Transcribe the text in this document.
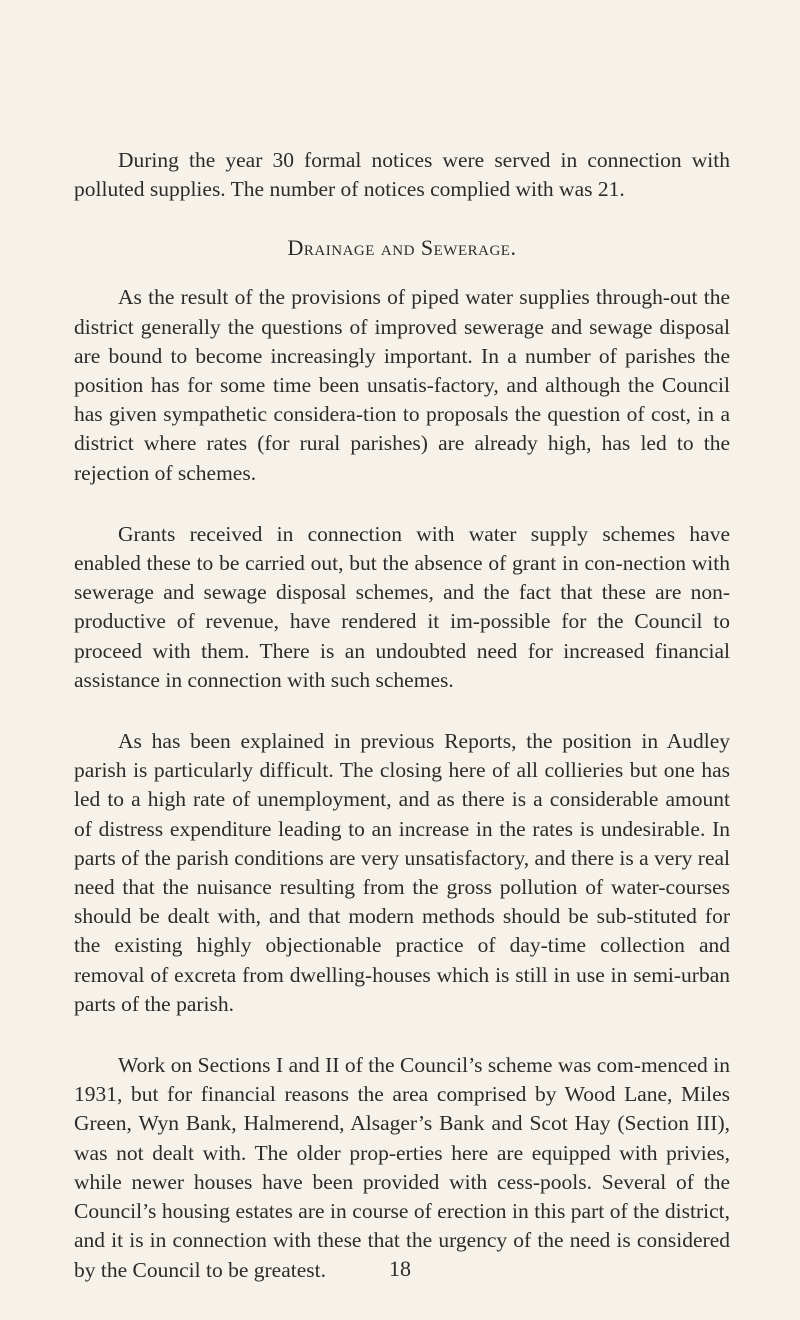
During the year 30 formal notices were served in connection with polluted supplies. The number of notices complied with was 21.

Drainage and Sewerage.

As the result of the provisions of piped water supplies through-out the district generally the questions of improved sewerage and sewage disposal are bound to become increasingly important. In a number of parishes the position has for some time been unsatis-factory, and although the Council has given sympathetic considera-tion to proposals the question of cost, in a district where rates (for rural parishes) are already high, has led to the rejection of schemes.

Grants received in connection with water supply schemes have enabled these to be carried out, but the absence of grant in con-nection with sewerage and sewage disposal schemes, and the fact that these are non-productive of revenue, have rendered it im-possible for the Council to proceed with them. There is an undoubted need for increased financial assistance in connection with such schemes.

As has been explained in previous Reports, the position in Audley parish is particularly difficult. The closing here of all collieries but one has led to a high rate of unemployment, and as there is a considerable amount of distress expenditure leading to an increase in the rates is undesirable. In parts of the parish conditions are very unsatisfactory, and there is a very real need that the nuisance resulting from the gross pollution of water-courses should be dealt with, and that modern methods should be sub-stituted for the existing highly objectionable practice of day-time collection and removal of excreta from dwelling-houses which is still in use in semi-urban parts of the parish.

Work on Sections I and II of the Council’s scheme was com-menced in 1931, but for financial reasons the area comprised by Wood Lane, Miles Green, Wyn Bank, Halmerend, Alsager’s Bank and Scot Hay (Section III), was not dealt with. The older prop-erties here are equipped with privies, while newer houses have been provided with cess-pools. Several of the Council’s housing estates are in course of erection in this part of the district, and it is in connection with these that the urgency of the need is considered by the Council to be greatest.	18
